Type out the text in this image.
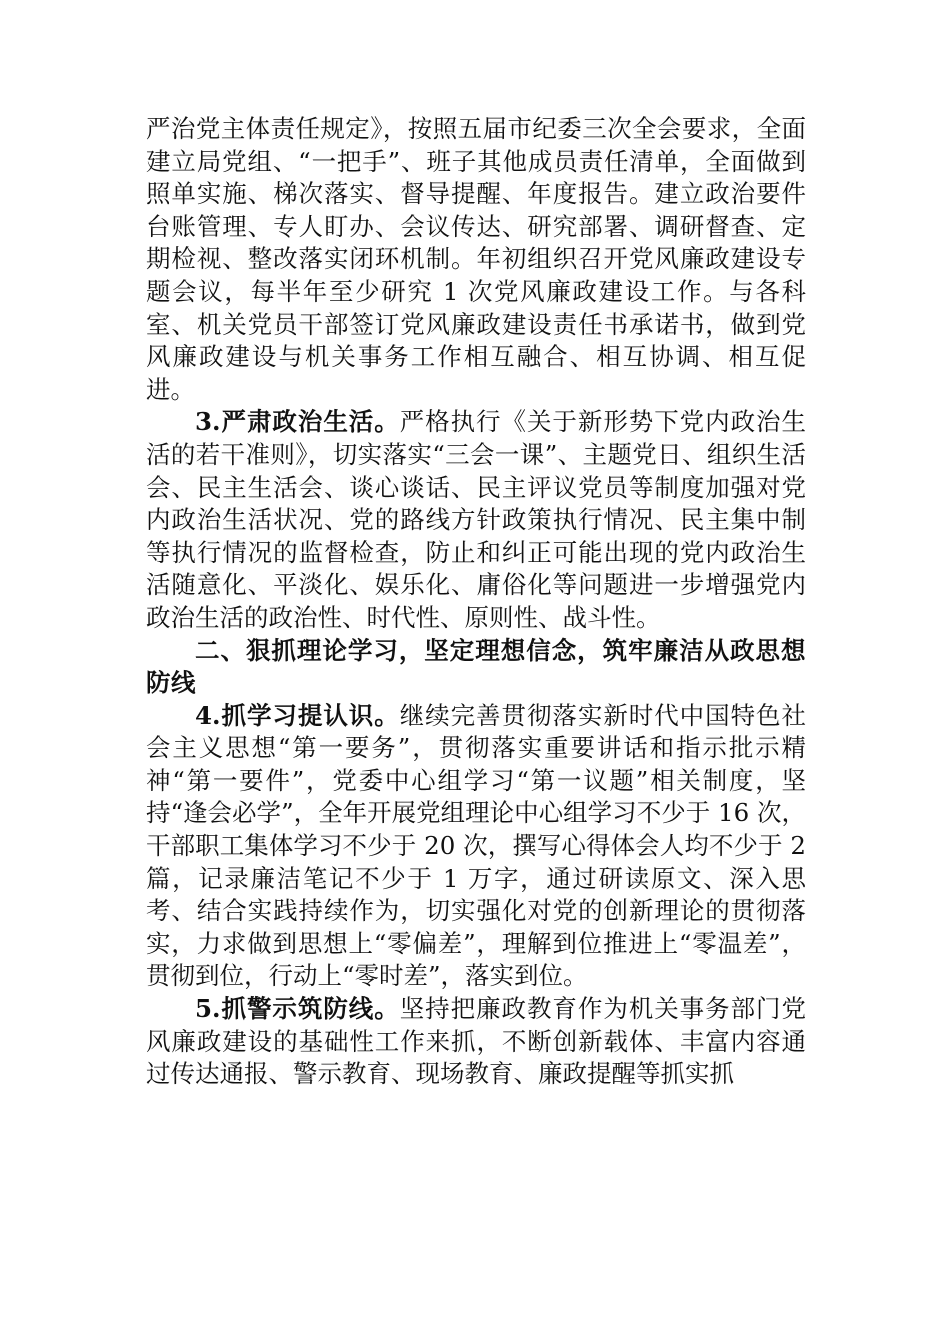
严治党主体责任规定》，按照五届市纪委三次全会要求，全面建立局党组、“一把手”、班子其他成员责任清单，全面做到照单实施、梯次落实、督导提醒、年度报告。建立政治要件台账管理、专人盯办、会议传达、研究部署、调研督查、定期检视、整改落实闭环机制。年初组织召开党风廉政建设专题会议，每半年至少研究 1 次党风廉政建设工作。与各科室、机关党员干部签订党风廉政建设责任书承诺书，做到党风廉政建设与机关事务工作相互融合、相互协调、相互促进。

3.严肃政治生活。严格执行《关于新形势下党内政治生活的若干准则》，切实落实“三会一课”、主题党日、组织生活会、民主生活会、谈心谈话、民主评议党员等制度加强对党内政治生活状况、党的路线方针政策执行情况、民主集中制等执行情况的监督检查，防止和纠正可能出现的党内政治生活随意化、平淡化、娱乐化、庸俗化等问题进一步增强党内政治生活的政治性、时代性、原则性、战斗性。

二、狠抓理论学习，坚定理想信念，筑牢廉洁从政思想防线

4.抓学习提认识。继续完善贯彻落实新时代中国特色社会主义思想“第一要务”，贯彻落实重要讲话和指示批示精神“第一要件”，党委中心组学习“第一议题”相关制度，坚持“逢会必学”，全年开展党组理论中心组学习不少于 16 次，干部职工集体学习不少于 20 次，撰写心得体会人均不少于 2 篇，记录廉洁笔记不少于 1 万字，通过研读原文、深入思考、结合实践持续作为，切实强化对党的创新理论的贯彻落实，力求做到思想上“零偏差”，理解到位推进上“零温差”，贯彻到位，行动上“零时差”，落实到位。

5.抓警示筑防线。坚持把廉政教育作为机关事务部门党风廉政建设的基础性工作来抓，不断创新载体、丰富内容通过传达通报、警示教育、现场教育、廉政提醒等抓实抓
